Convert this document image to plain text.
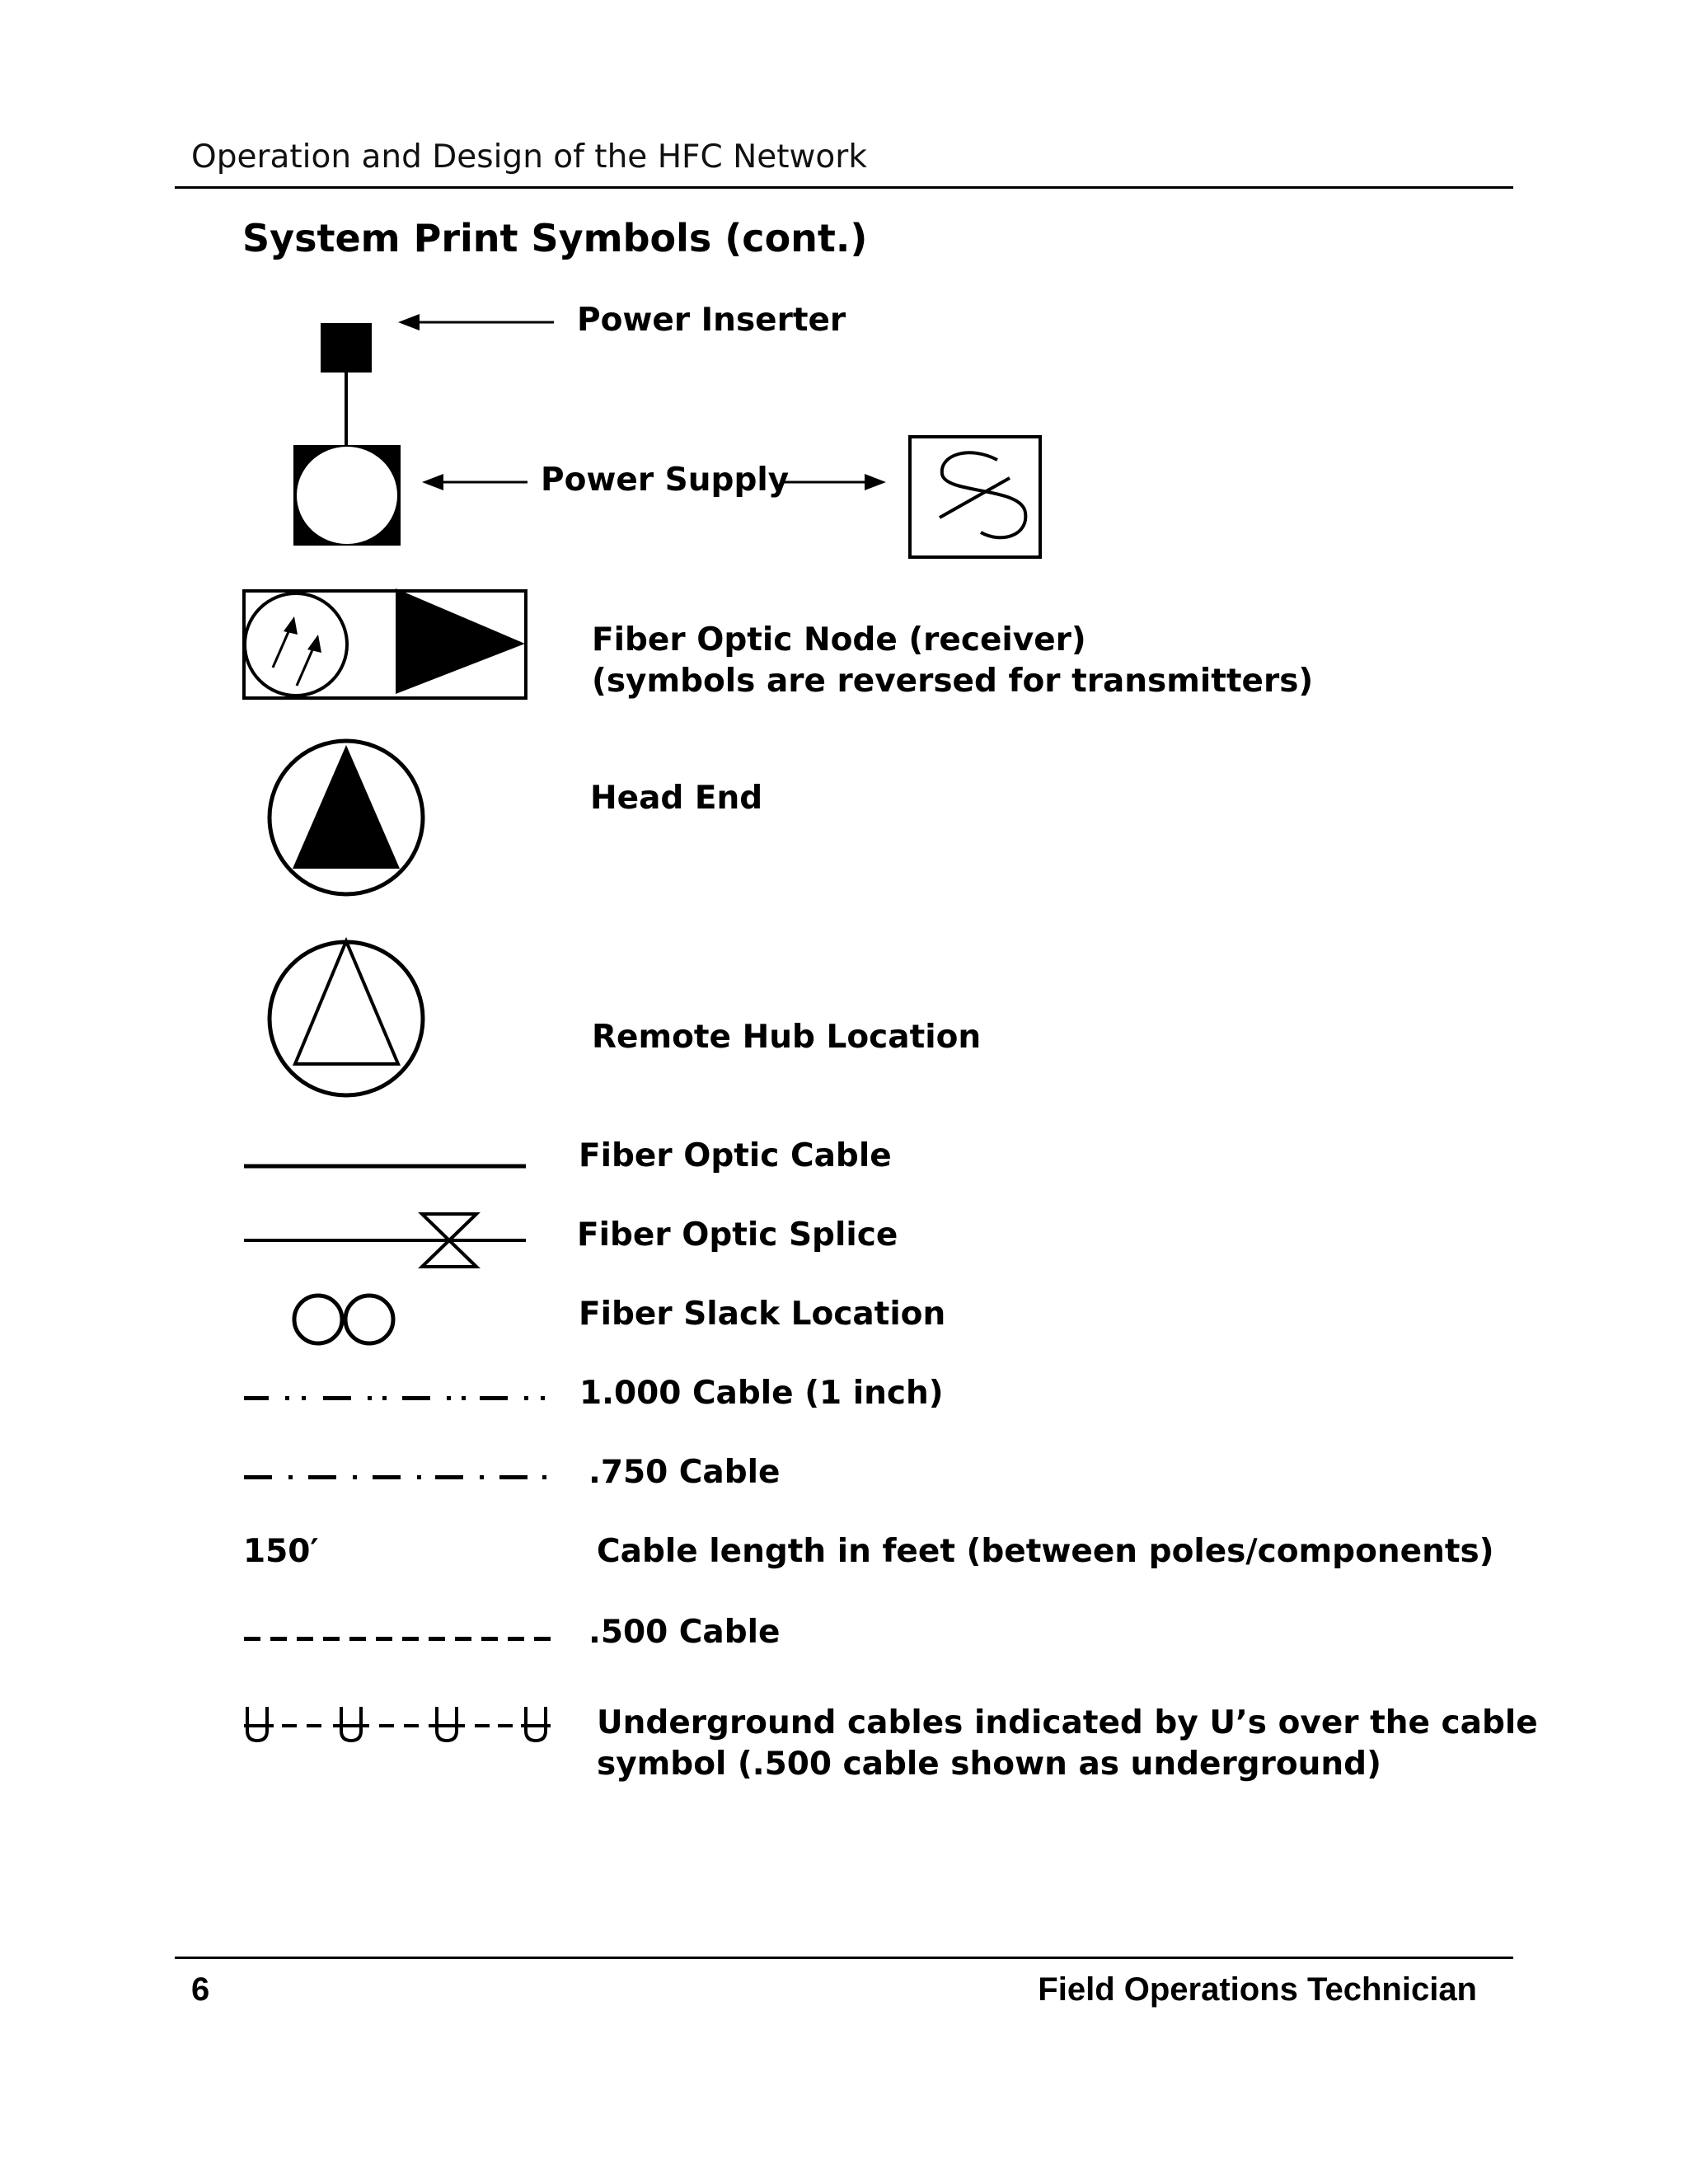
Operation and Design of the HFC Network
System Print Symbols (cont.)
Power Inserter
Power Supply
Fiber Optic Node (receiver)
(symbols are reversed for transmitters)
Head End
Remote Hub Location
Fiber Optic Cable
Fiber Optic Splice
Fiber Slack Location
1.000 Cable (1 inch)
.750 Cable
150′	Cable length in feet (between poles/components)
.500 Cable
Underground cables indicated by U’s over the cable
symbol (.500 cable shown as underground)
6	Field Operations Technician
